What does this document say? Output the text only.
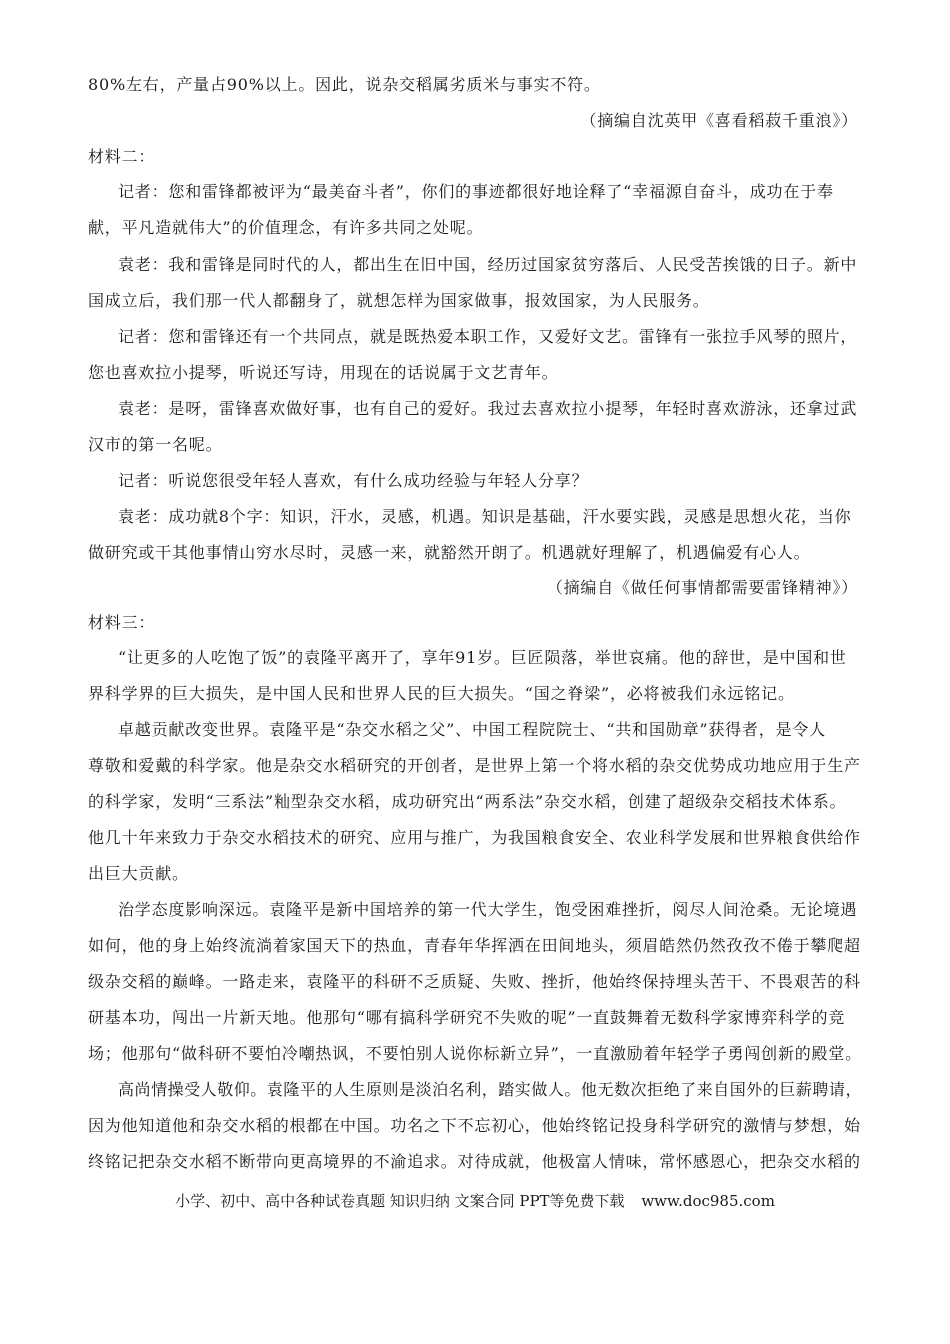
80%左右，产量占90%以上。因此，说杂交稻属劣质米与事实不符。
（摘编自沈英甲《喜看稻菽千重浪》）
材料二：
记者：您和雷锋都被评为“最美奋斗者”，你们的事迹都很好地诠释了“幸福源自奋斗，成功在于奉
献，平凡造就伟大”的价值理念，有许多共同之处呢。
袁老：我和雷锋是同时代的人，都出生在旧中国，经历过国家贫穷落后、人民受苦挨饿的日子。新中
国成立后，我们那一代人都翻身了，就想怎样为国家做事，报效国家，为人民服务。
记者：您和雷锋还有一个共同点，就是既热爱本职工作，又爱好文艺。雷锋有一张拉手风琴的照片，
您也喜欢拉小提琴，听说还写诗，用现在的话说属于文艺青年。
袁老：是呀，雷锋喜欢做好事，也有自己的爱好。我过去喜欢拉小提琴，年轻时喜欢游泳，还拿过武
汉市的第一名呢。
记者：听说您很受年轻人喜欢，有什么成功经验与年轻人分享？
袁老：成功就8个字：知识，汗水，灵感，机遇。知识是基础，汗水要实践，灵感是思想火花，当你
做研究或干其他事情山穷水尽时，灵感一来，就豁然开朗了。机遇就好理解了，机遇偏爱有心人。
（摘编自《做任何事情都需要雷锋精神》）
材料三：
“让更多的人吃饱了饭”的袁隆平离开了，享年91岁。巨匠陨落，举世哀痛。他的辞世，是中国和世
界科学界的巨大损失，是中国人民和世界人民的巨大损失。“国之脊梁”，必将被我们永远铭记。
卓越贡献改变世界。袁隆平是“杂交水稻之父”、中国工程院院士、“共和国勋章”获得者，是令人
尊敬和爱戴的科学家。他是杂交水稻研究的开创者，是世界上第一个将水稻的杂交优势成功地应用于生产
的科学家，发明“三系法”籼型杂交水稻，成功研究出“两系法”杂交水稻，创建了超级杂交稻技术体系。
他几十年来致力于杂交水稻技术的研究、应用与推广，为我国粮食安全、农业科学发展和世界粮食供给作
出巨大贡献。
治学态度影响深远。袁隆平是新中国培养的第一代大学生，饱受困难挫折，阅尽人间沧桑。无论境遇
如何，他的身上始终流淌着家国天下的热血，青春年华挥洒在田间地头，须眉皓然仍然孜孜不倦于攀爬超
级杂交稻的巅峰。一路走来，袁隆平的科研不乏质疑、失败、挫折，他始终保持埋头苦干、不畏艰苦的科
研基本功，闯出一片新天地。他那句“哪有搞科学研究不失败的呢”一直鼓舞着无数科学家博弈科学的竞
场；他那句“做科研不要怕冷嘲热讽，不要怕别人说你标新立异”，一直激励着年轻学子勇闯创新的殿堂。
高尚情操受人敬仰。袁隆平的人生原则是淡泊名利，踏实做人。他无数次拒绝了来自国外的巨薪聘请，
因为他知道他和杂交水稻的根都在中国。功名之下不忘初心，他始终铭记投身科学研究的激情与梦想，始
终铭记把杂交水稻不断带向更高境界的不渝追求。对待成就，他极富人情味，常怀感恩心，把杂交水稻的
小学、初中、高中各种试卷真题 知识归纳 文案合同 PPT等免费下载 www.doc985.com
